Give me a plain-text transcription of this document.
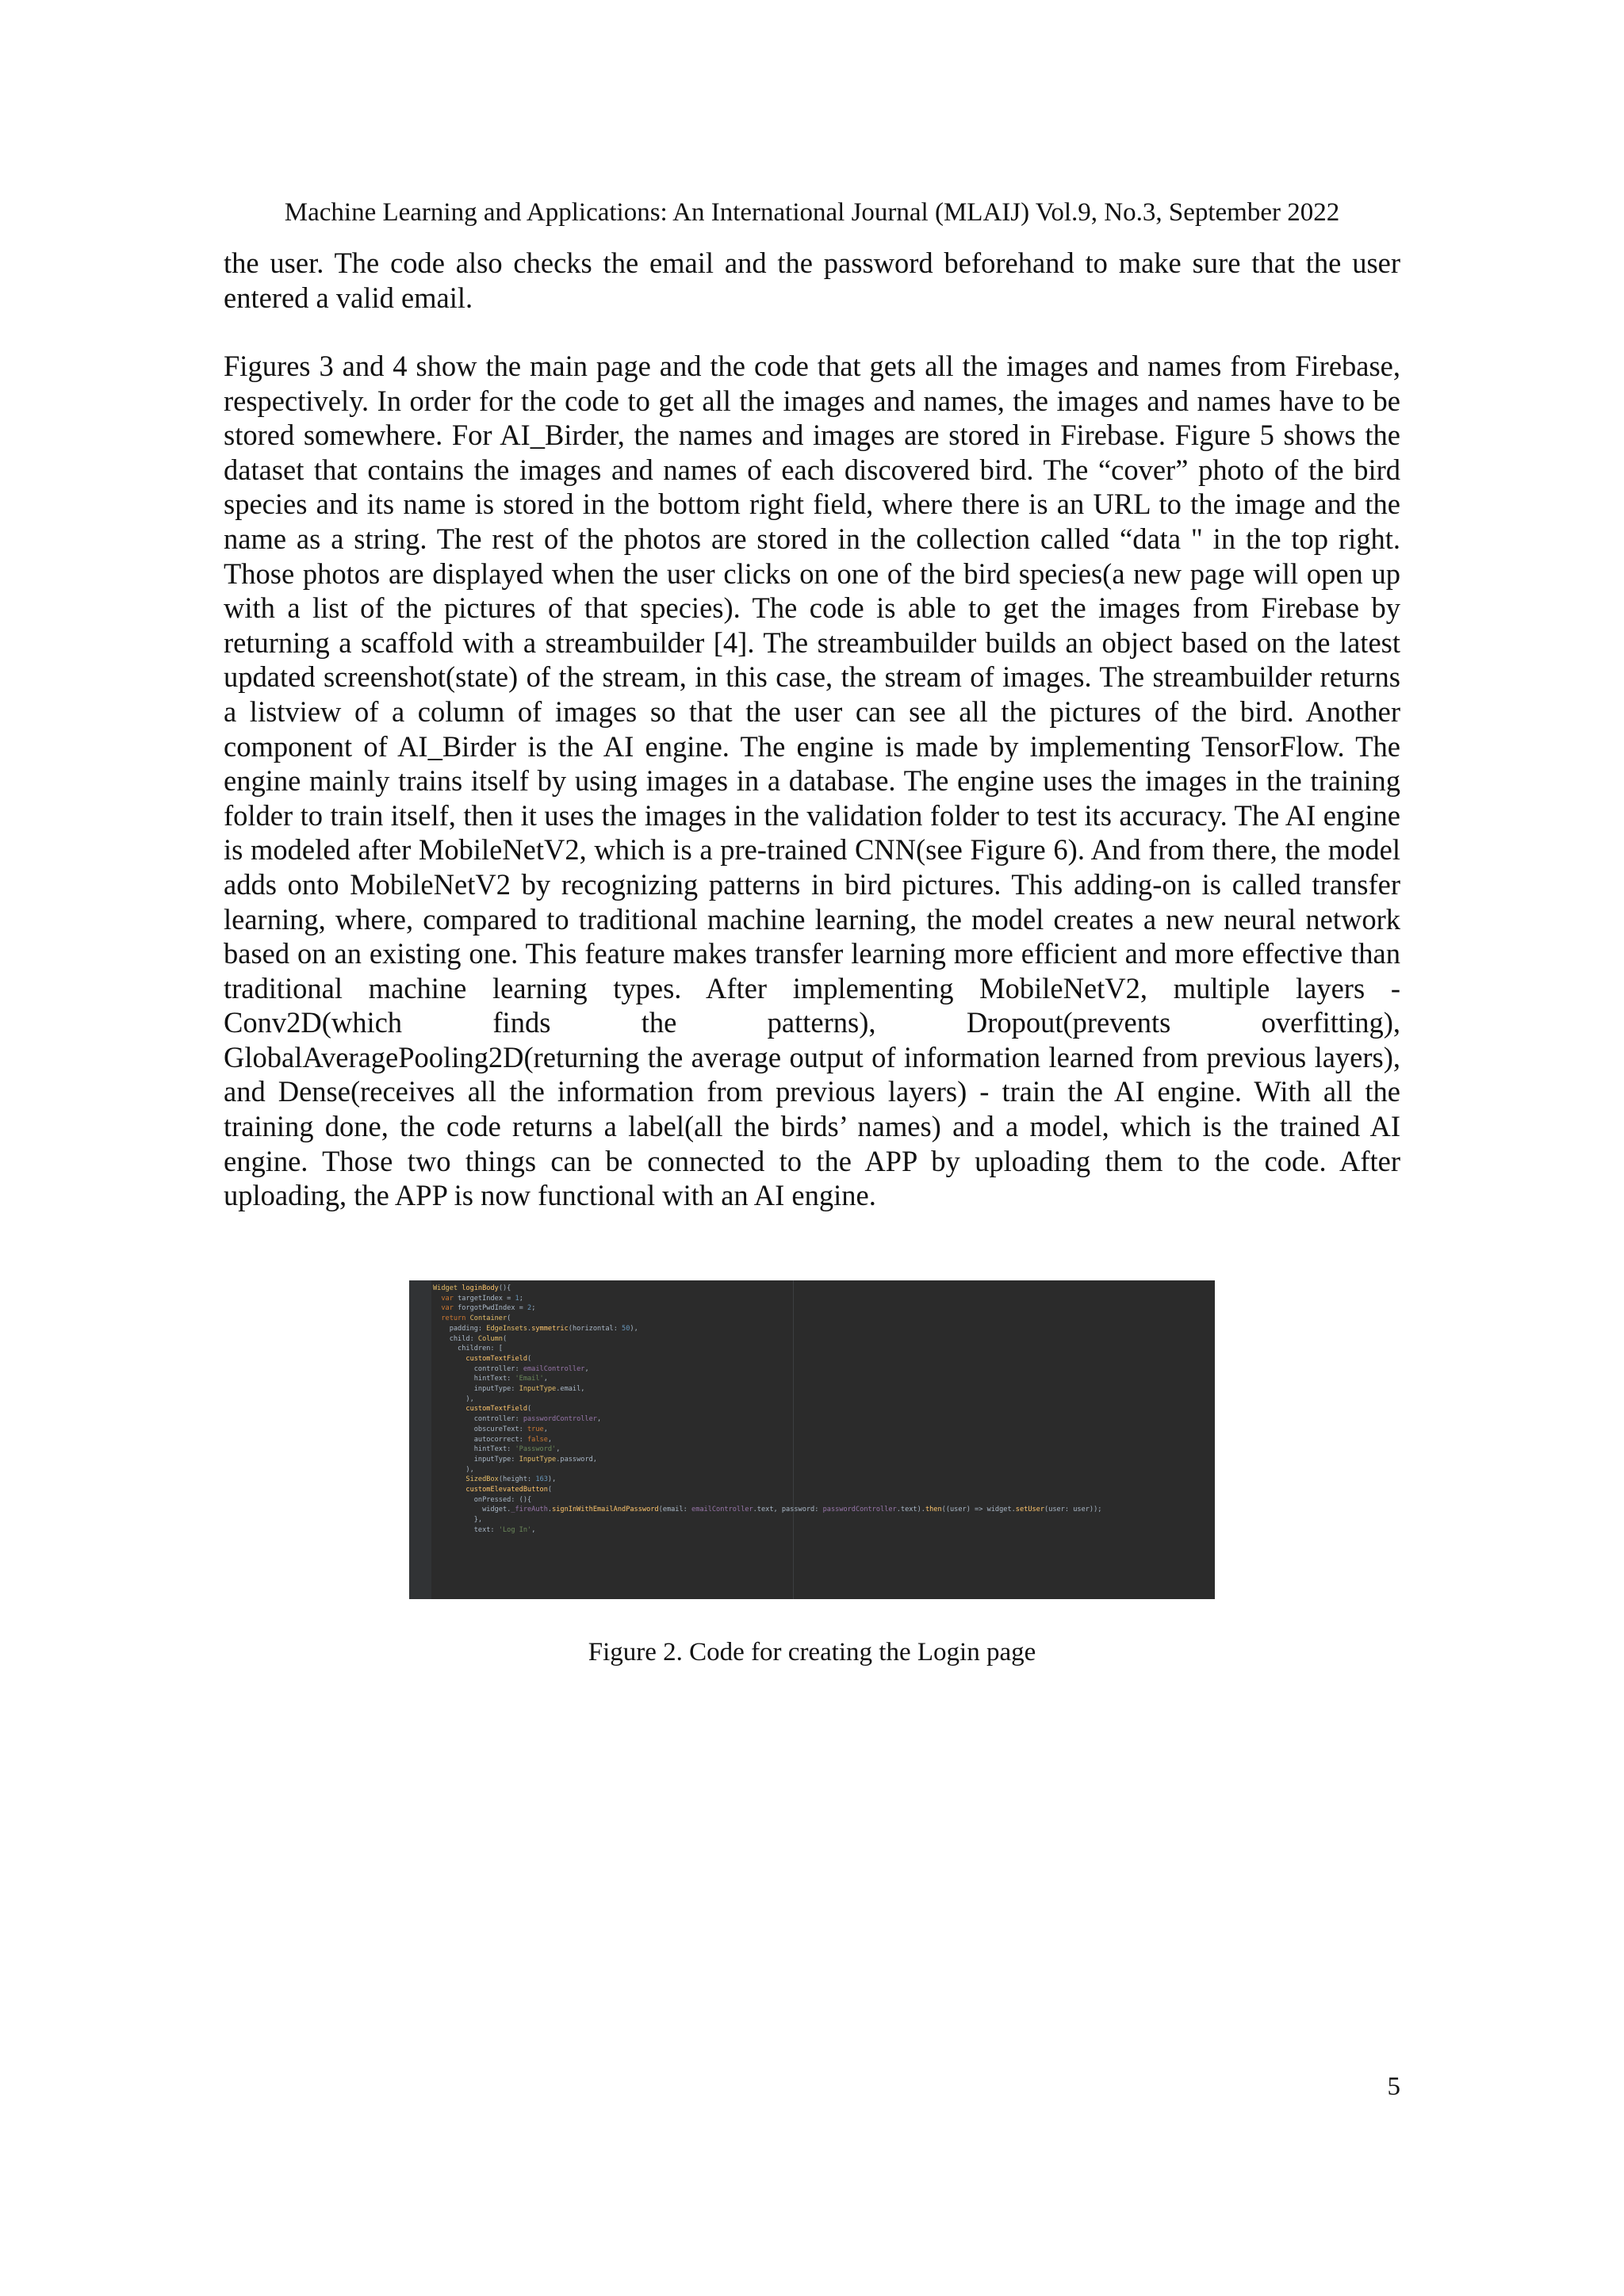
Machine Learning and Applications: An International Journal (MLAIJ) Vol.9, No.3, September 2022
the user. The code also checks the email and the password beforehand to make sure that the user entered a valid email.
Figures 3 and 4 show the main page and the code that gets all the images and names from Firebase, respectively. In order for the code to get all the images and names, the images and names have to be stored somewhere. For AI_Birder, the names and images are stored in Firebase. Figure 5 shows the dataset that contains the images and names of each discovered bird. The “cover” photo of the bird species and its name is stored in the bottom right field, where there is an URL to the image and the name as a string. The rest of the photos are stored in the collection called “data " in the top right. Those photos are displayed when the user clicks on one of the bird species(a new page will open up with a list of the pictures of that species). The code is able to get the images from Firebase by returning a scaffold with a streambuilder [4]. The streambuilder builds an object based on the latest updated screenshot(state) of the stream, in this case, the stream of images. The streambuilder returns a listview of a column of images so that the user can see all the pictures of the bird. Another component of AI_Birder is the AI engine. The engine is made by implementing TensorFlow. The engine mainly trains itself by using images in a database. The engine uses the images in the training folder to train itself, then it uses the images in the validation folder to test its accuracy. The AI engine is modeled after MobileNetV2, which is a pre-trained CNN(see Figure 6). And from there, the model adds onto MobileNetV2 by recognizing patterns in bird pictures. This adding-on is called transfer learning, where, compared to traditional machine learning, the model creates a new neural network based on an existing one. This feature makes transfer learning more efficient and more effective than traditional machine learning types. After implementing MobileNetV2, multiple layers - Conv2D(which finds the patterns), Dropout(prevents overfitting), GlobalAveragePooling2D(returning the average output of information learned from previous layers), and Dense(receives all the information from previous layers) - train the AI engine. With all the training done, the code returns a label(all the birds’ names) and a model, which is the trained AI engine. Those two things can be connected to the APP by uploading them to the code. After uploading, the APP is now functional with an AI engine.
Widget loginBody(){
var targetIndex = 1;
var forgotPwdIndex = 2;
return Container(
padding: EdgeInsets.symmetric(horizontal: 50),
child: Column(
children: [
customTextField(
controller: emailController,
hintText: 'Email',
inputType: InputType.email,
),
customTextField(
controller: passwordController,
obscureText: true,
autocorrect: false,
hintText: 'Password',
inputType: InputType.password,
),
SizedBox(height: 163),
customElevatedButton(
onPressed: (){
widget._fireAuth.signInWithEmailAndPassword(email: emailController.text, password: passwordController.text).then((user) => widget.setUser(user: user));
},
text: 'Log In',

Figure 2. Code for creating the Login page
5
